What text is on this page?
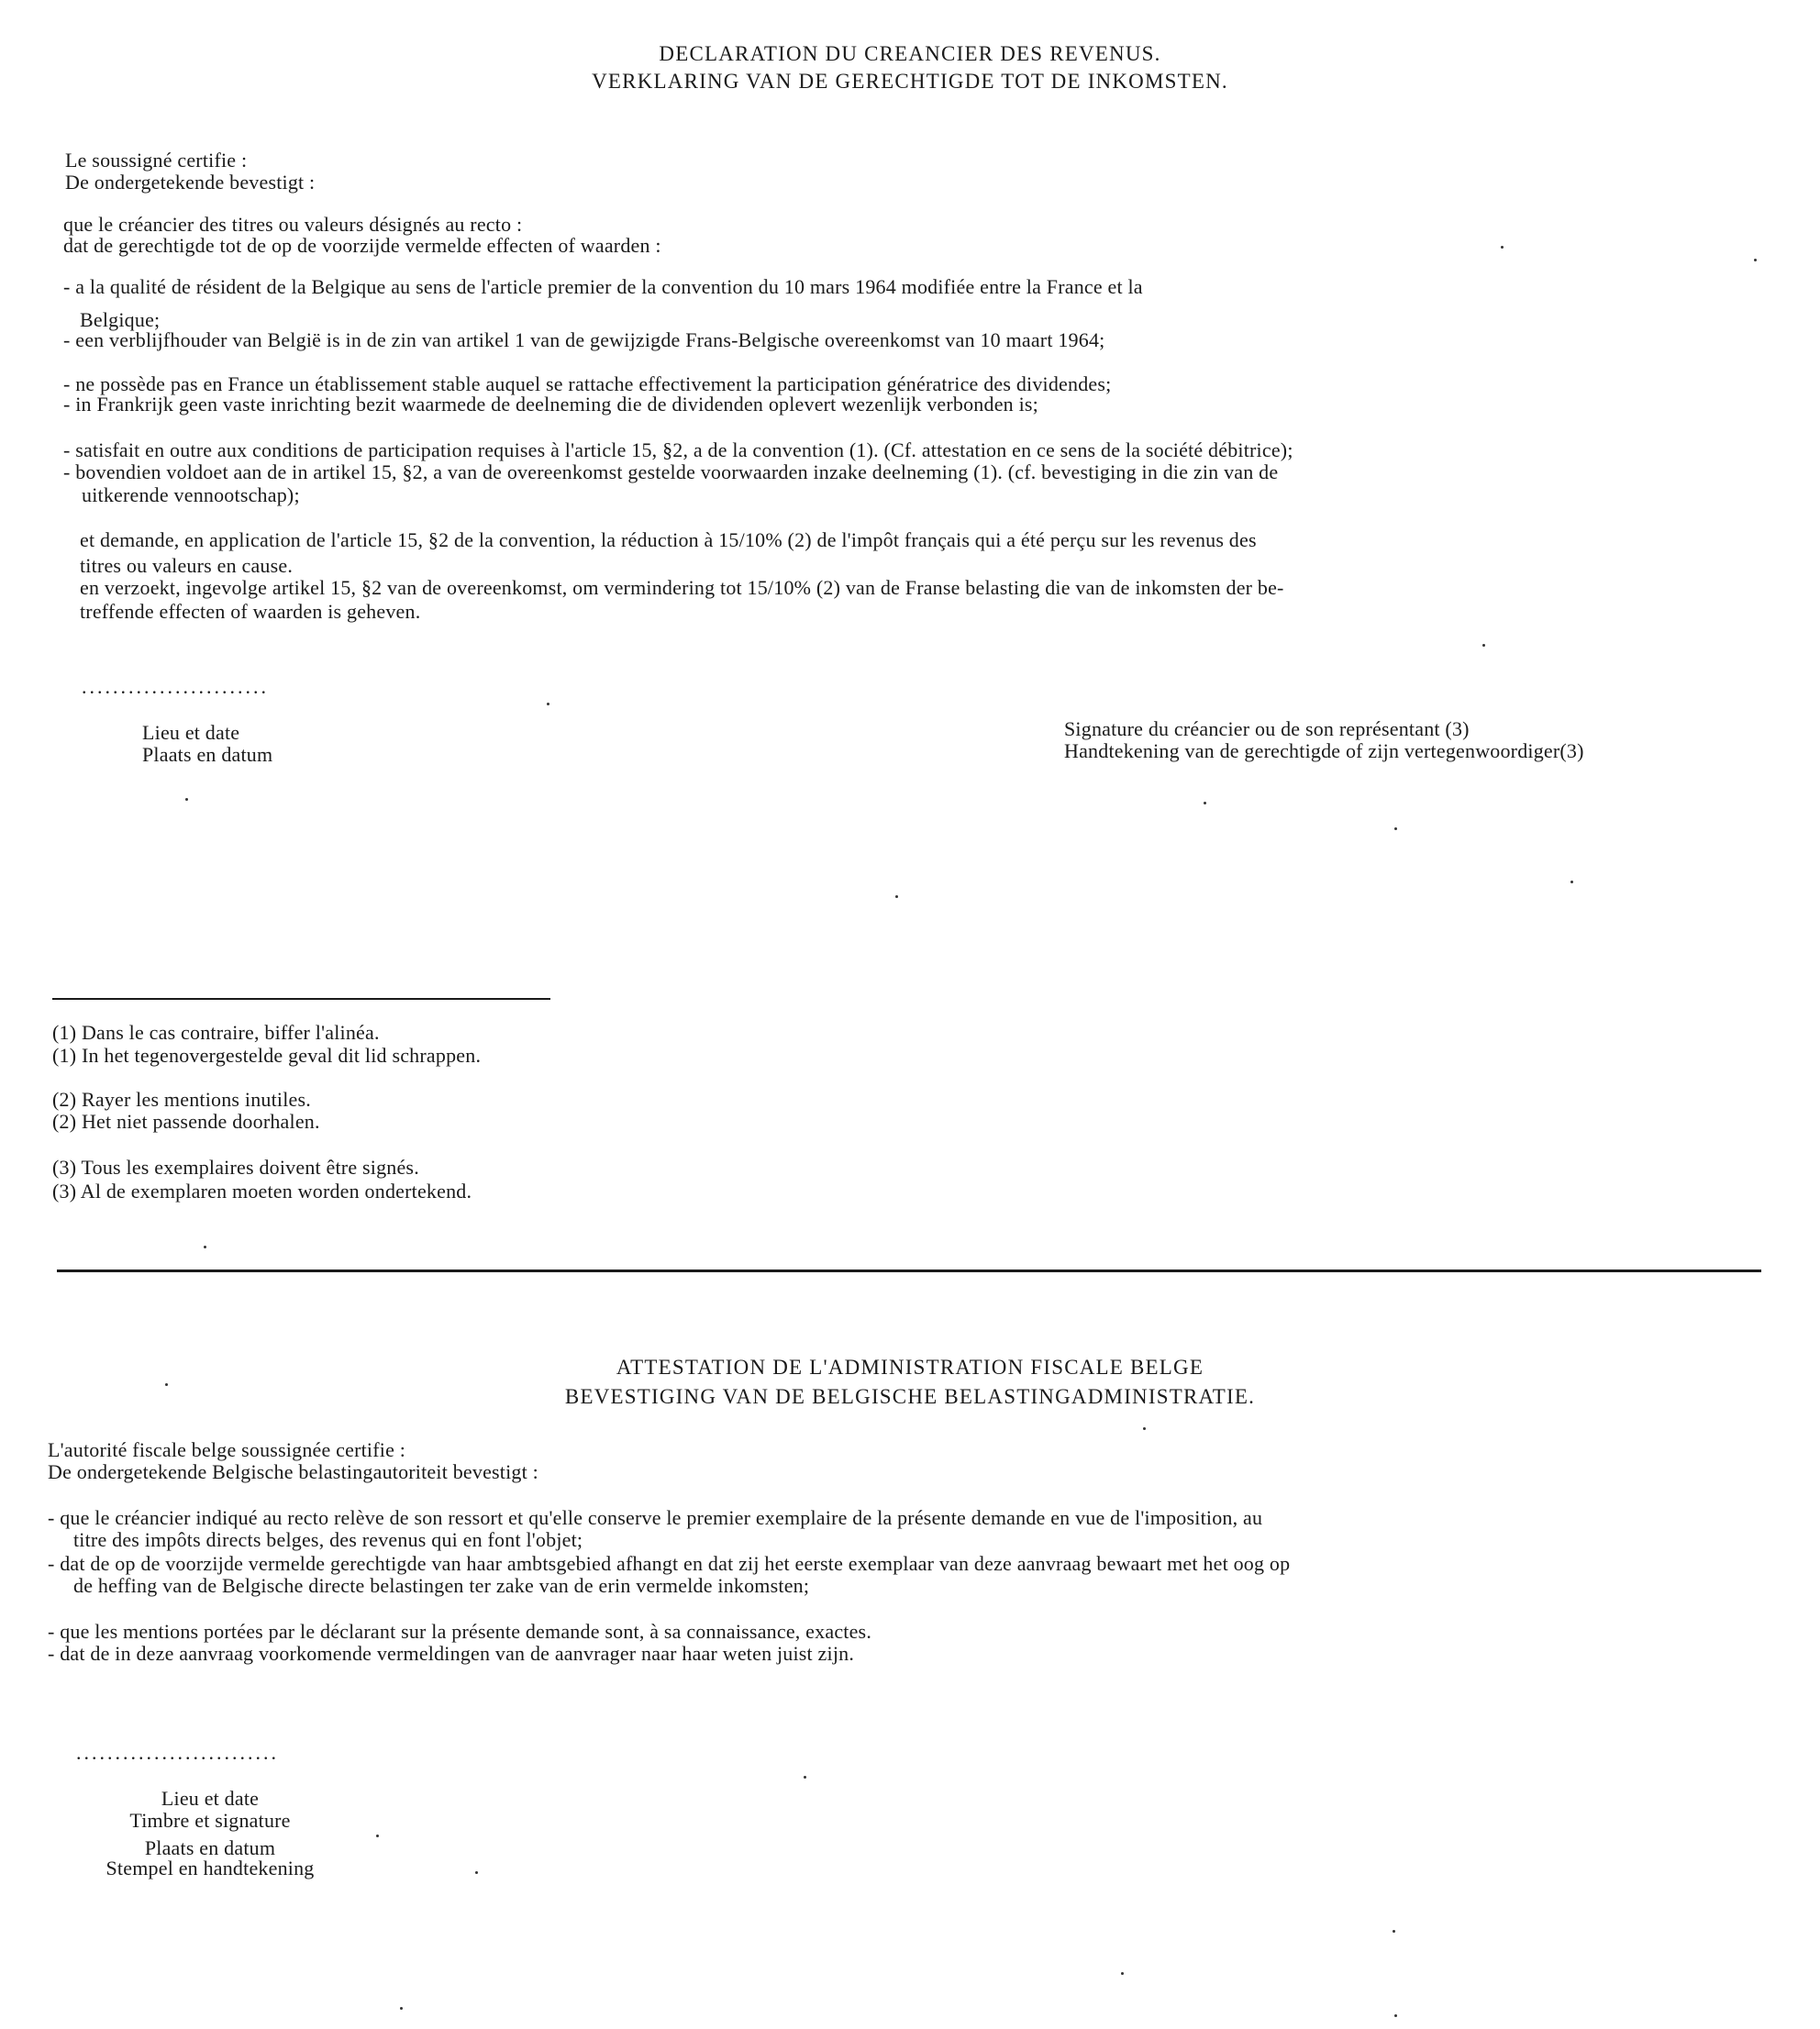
DECLARATION DU CREANCIER DES REVENUS.
VERKLARING VAN DE GERECHTIGDE TOT DE INKOMSTEN.
Le soussigné certifie :
De ondergetekende bevestigt :
que le créancier des titres ou valeurs désignés au recto :
dat de gerechtigde tot de op de voorzijde vermelde effecten of waarden :
- a la qualité de résident de la Belgique au sens de l'article premier de la convention du 10 mars 1964 modifiée entre la France et la
Belgique;
- een verblijfhouder van België is in de zin van artikel 1 van de gewijzigde Frans-Belgische overeenkomst van 10 maart 1964;
- ne possède pas en France un établissement stable auquel se rattache effectivement la participation génératrice des dividendes;
- in Frankrijk geen vaste inrichting bezit waarmede de deelneming die de dividenden oplevert wezenlijk verbonden is;
- satisfait en outre aux conditions de participation requises à l'article 15, §2, a de la convention (1). (Cf. attestation en ce sens de la société débitrice);
- bovendien voldoet aan de in artikel 15, §2, a van de overeenkomst gestelde voorwaarden inzake deelneming (1). (cf. bevestiging in die zin van de
uitkerende vennootschap);
et demande, en application de l'article 15, §2 de la convention, la réduction à 15/10% (2) de l'impôt français qui a été perçu sur les revenus des
titres ou valeurs en cause.
en verzoekt, ingevolge artikel 15, §2 van de overeenkomst, om vermindering tot 15/10% (2) van de Franse belasting die van de inkomsten der be-
treffende effecten of waarden is geheven.
........................
Lieu et date
Plaats en datum
Signature du créancier ou de son représentant (3)
Handtekening van de gerechtigde of zijn vertegenwoordiger(3)
(1) Dans le cas contraire, biffer l'alinéa.
(1) In het tegenovergestelde geval dit lid schrappen.
(2) Rayer les mentions inutiles.
(2) Het niet passende doorhalen.
(3) Tous les exemplaires doivent être signés.
(3) Al de exemplaren moeten worden ondertekend.
ATTESTATION DE L'ADMINISTRATION FISCALE BELGE
BEVESTIGING VAN DE BELGISCHE BELASTINGADMINISTRATIE.
L'autorité fiscale belge soussignée certifie :
De ondergetekende Belgische belastingautoriteit bevestigt :
- que le créancier indiqué au recto relève de son ressort et qu'elle conserve le premier exemplaire de la présente demande en vue de l'imposition, au
titre des impôts directs belges, des revenus qui en font l'objet;
- dat de op de voorzijde vermelde gerechtigde van haar ambtsgebied afhangt en dat zij het eerste exemplaar van deze aanvraag bewaart met het oog op
de heffing van de Belgische directe belastingen ter zake van de erin vermelde inkomsten;
- que les mentions portées par le déclarant sur la présente demande sont, à sa connaissance, exactes.
- dat de in deze aanvraag voorkomende vermeldingen van de aanvrager naar haar weten juist zijn.
..........................
Lieu et date
Timbre et signature
Plaats en datum
Stempel en handtekening
